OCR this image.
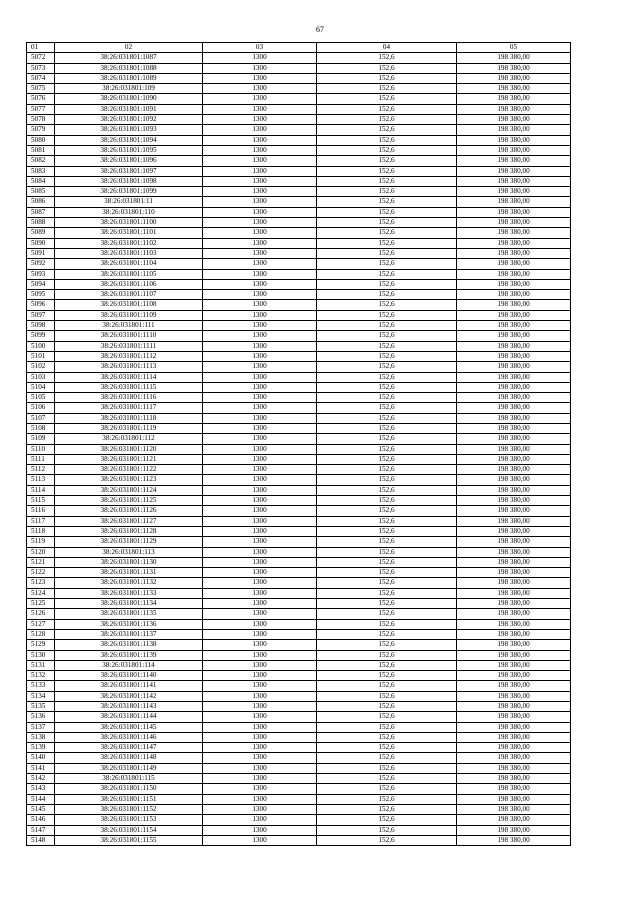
67
01	02	03	04	05
5072	38:26:031801:1087	1300	152,6	198 380,00
5073	38:26:031801:1088	1300	152,6	198 380,00
5074	38:26:031801:1089	1300	152,6	198 380,00
5075	38:26:031801:109	1300	152,6	198 380,00
5076	38:26:031801:1090	1300	152,6	198 380,00
5077	38:26:031801:1091	1300	152,6	198 380,00
5078	38:26:031801:1092	1300	152,6	198 380,00
5079	38:26:031801:1093	1300	152,6	198 380,00
5080	38:26:031801:1094	1300	152,6	198 380,00
5081	38:26:031801:1095	1300	152,6	198 380,00
5082	38:26:031801:1096	1300	152,6	198 380,00
5083	38:26:031801:1097	1300	152,6	198 380,00
5084	38:26:031801:1098	1300	152,6	198 380,00
5085	38:26:031801:1099	1300	152,6	198 380,00
5086	38:26:031801:11	1300	152,6	198 380,00
5087	38:26:031801:110	1300	152,6	198 380,00
5088	38:26:031801:1100	1300	152,6	198 380,00
5089	38:26:031801:1101	1300	152,6	198 380,00
5090	38:26:031801:1102	1300	152,6	198 380,00
5091	38:26:031801:1103	1300	152,6	198 380,00
5092	38:26:031801:1104	1300	152,6	198 380,00
5093	38:26:031801:1105	1300	152,6	198 380,00
5094	38:26:031801:1106	1300	152,6	198 380,00
5095	38:26:031801:1107	1300	152,6	198 380,00
5096	38:26:031801:1108	1300	152,6	198 380,00
5097	38:26:031801:1109	1300	152,6	198 380,00
5098	38:26:031801:111	1300	152,6	198 380,00
5099	38:26:031801:1110	1300	152,6	198 380,00
5100	38:26:031801:1111	1300	152,6	198 380,00
5101	38:26:031801:1112	1300	152,6	198 380,00
5102	38:26:031801:1113	1300	152,6	198 380,00
5103	38:26:031801:1114	1300	152,6	198 380,00
5104	38:26:031801:1115	1300	152,6	198 380,00
5105	38:26:031801:1116	1300	152,6	198 380,00
5106	38:26:031801:1117	1300	152,6	198 380,00
5107	38:26:031801:1118	1300	152,6	198 380,00
5108	38:26:031801:1119	1300	152,6	198 380,00
5109	38:26:031801:112	1300	152,6	198 380,00
5110	38:26:031801:1120	1300	152,6	198 380,00
5111	38:26:031801:1121	1300	152,6	198 380,00
5112	38:26:031801:1122	1300	152,6	198 380,00
5113	38:26:031801:1123	1300	152,6	198 380,00
5114	38:26:031801:1124	1300	152,6	198 380,00
5115	38:26:031801:1125	1300	152,6	198 380,00
5116	38:26:031801:1126	1300	152,6	198 380,00
5117	38:26:031801:1127	1300	152,6	198 380,00
5118	38:26:031801:1128	1300	152,6	198 380,00
5119	38:26:031801:1129	1300	152,6	198 380,00
5120	38:26:031801:113	1300	152,6	198 380,00
5121	38:26:031801:1130	1300	152,6	198 380,00
5122	38:26:031801:1131	1300	152,6	198 380,00
5123	38:26:031801:1132	1300	152,6	198 380,00
5124	38:26:031801:1133	1300	152,6	198 380,00
5125	38:26:031801:1134	1300	152,6	198 380,00
5126	38:26:031801:1135	1300	152,6	198 380,00
5127	38:26:031801:1136	1300	152,6	198 380,00
5128	38:26:031801:1137	1300	152,6	198 380,00
5129	38:26:031801:1138	1300	152,6	198 380,00
5130	38:26:031801:1139	1300	152,6	198 380,00
5131	38:26:031801:114	1300	152,6	198 380,00
5132	38:26:031801:1140	1300	152,6	198 380,00
5133	38:26:031801:1141	1300	152,6	198 380,00
5134	38:26:031801:1142	1300	152,6	198 380,00
5135	38:26:031801:1143	1300	152,6	198 380,00
5136	38:26:031801:1144	1300	152,6	198 380,00
5137	38:26:031801:1145	1300	152,6	198 380,00
5138	38:26:031801:1146	1300	152,6	198 380,00
5139	38:26:031801:1147	1300	152,6	198 380,00
5140	38:26:031801:1148	1300	152,6	198 380,00
5141	38:26:031801:1149	1300	152,6	198 380,00
5142	38:26:031801:115	1300	152,6	198 380,00
5143	38:26:031801:1150	1300	152,6	198 380,00
5144	38:26:031801:1151	1300	152,6	198 380,00
5145	38:26:031801:1152	1300	152,6	198 380,00
5146	38:26:031801:1153	1300	152,6	198 380,00
5147	38:26:031801:1154	1300	152,6	198 380,00
5148	38:26:031801:1155	1300	152,6	198 380,00
